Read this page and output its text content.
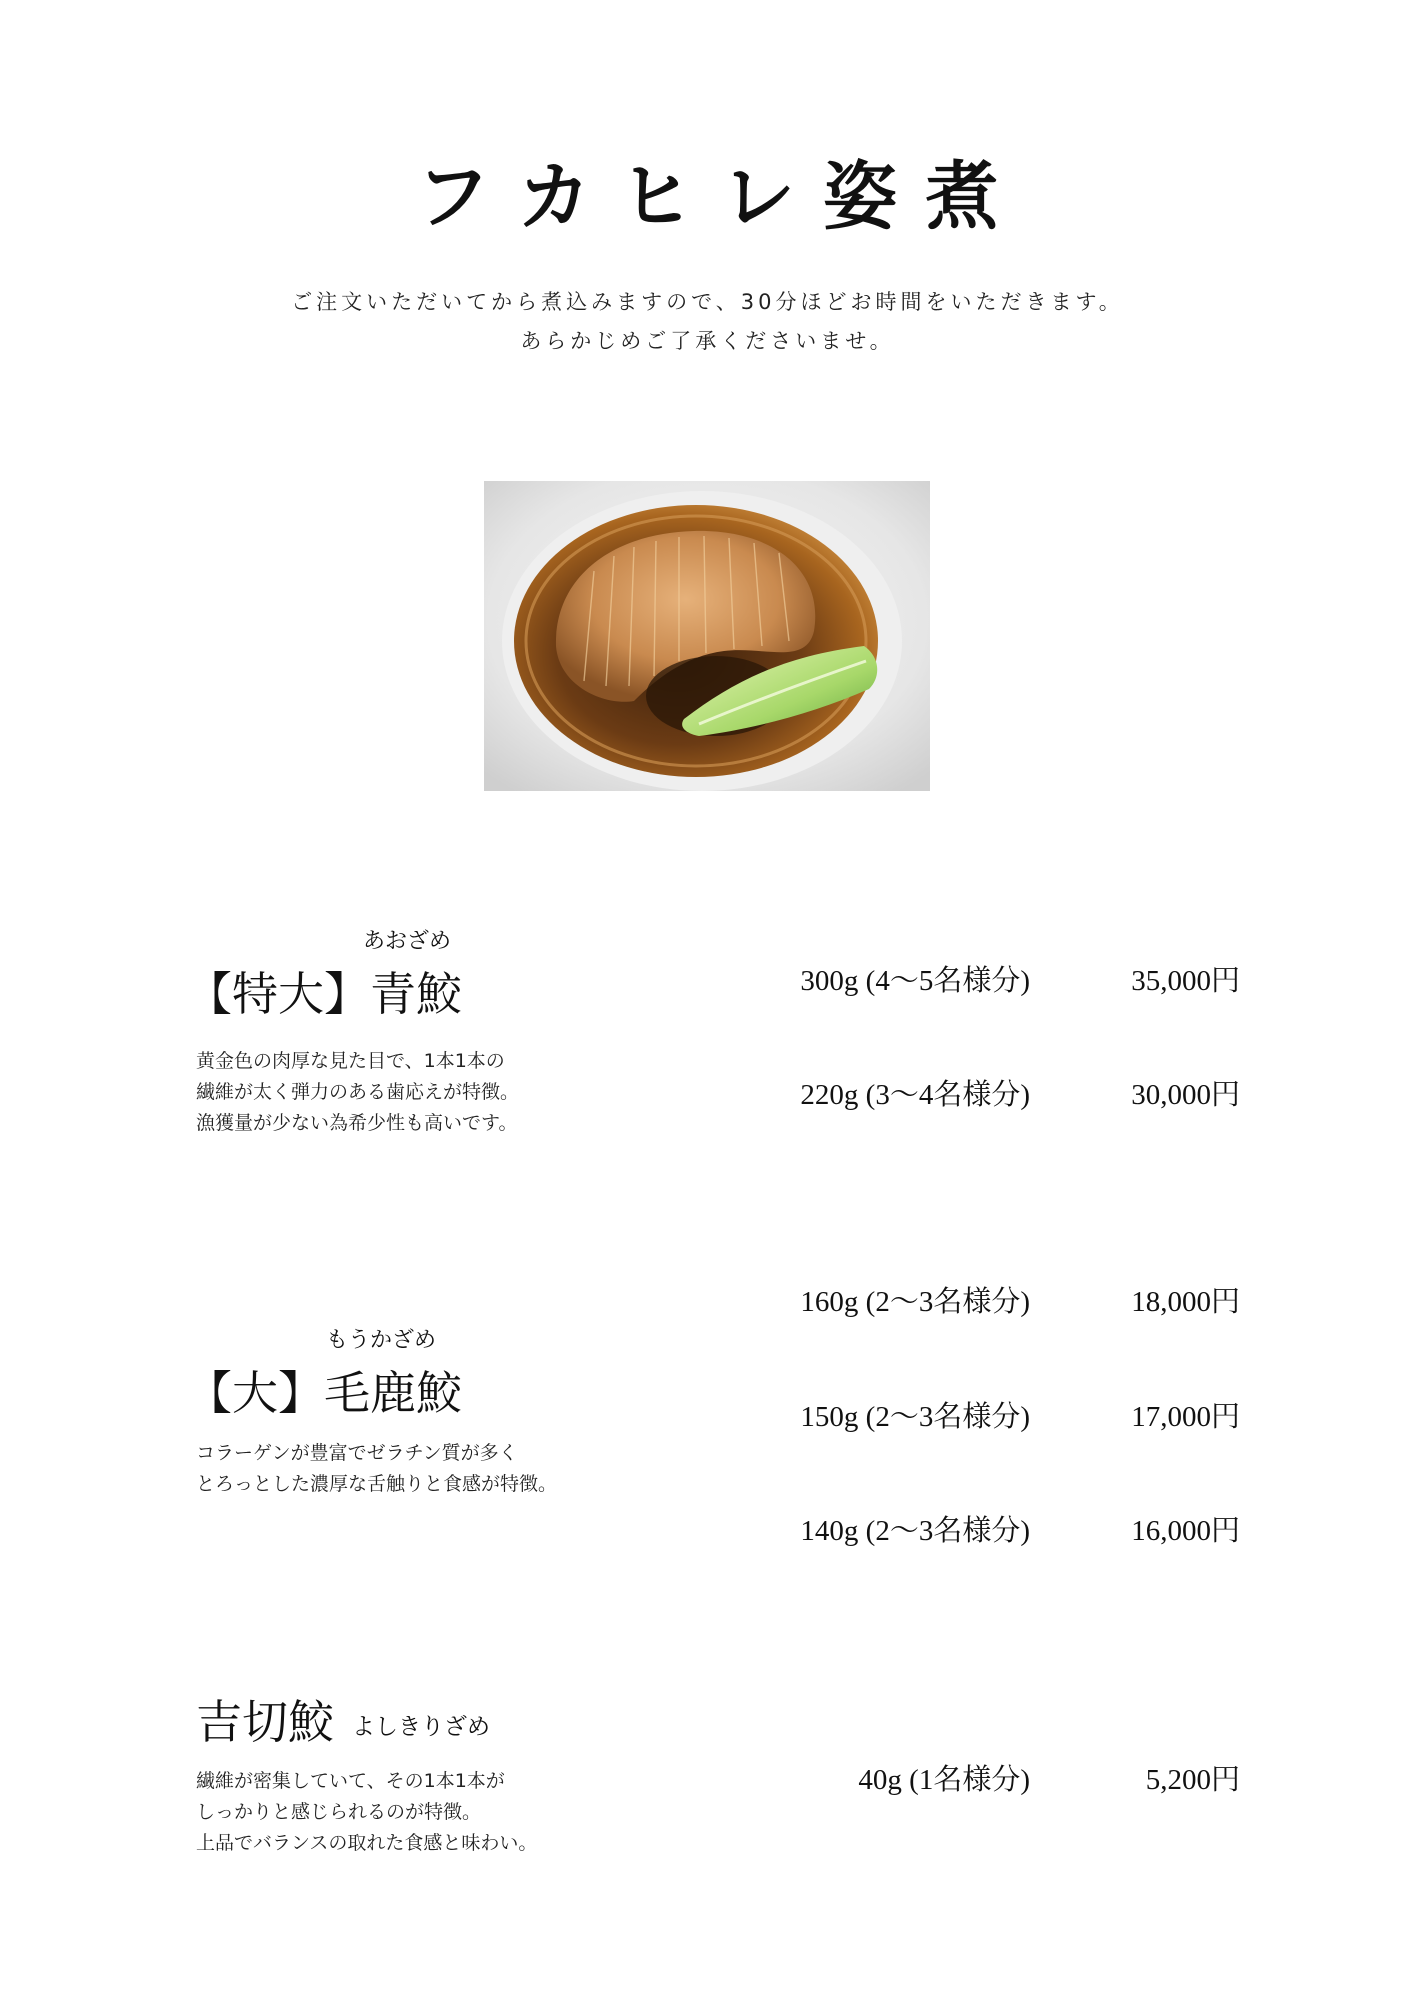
フカヒレ姿煮
ご注文いただいてから煮込みますので、30分ほどお時間をいただきます。
あらかじめご了承くださいませ。
あおざめ
【特大】青鮫
黄金色の肉厚な見た目で、1本1本の
繊維が太く弾力のある歯応えが特徴。
漁獲量が少ない為希少性も高いです。
300g (4〜5名様分)	35,000円
220g (3〜4名様分)	30,000円
もうかざめ
【大】毛鹿鮫
コラーゲンが豊富でゼラチン質が多く
とろっとした濃厚な舌触りと食感が特徴。
160g (2〜3名様分)	18,000円
150g (2〜3名様分)	17,000円
140g (2〜3名様分)	16,000円
吉切鮫 よしきりざめ
繊維が密集していて、その1本1本が
しっかりと感じられるのが特徴。
上品でバランスの取れた食感と味わい。
40g (1名様分)	5,200円
